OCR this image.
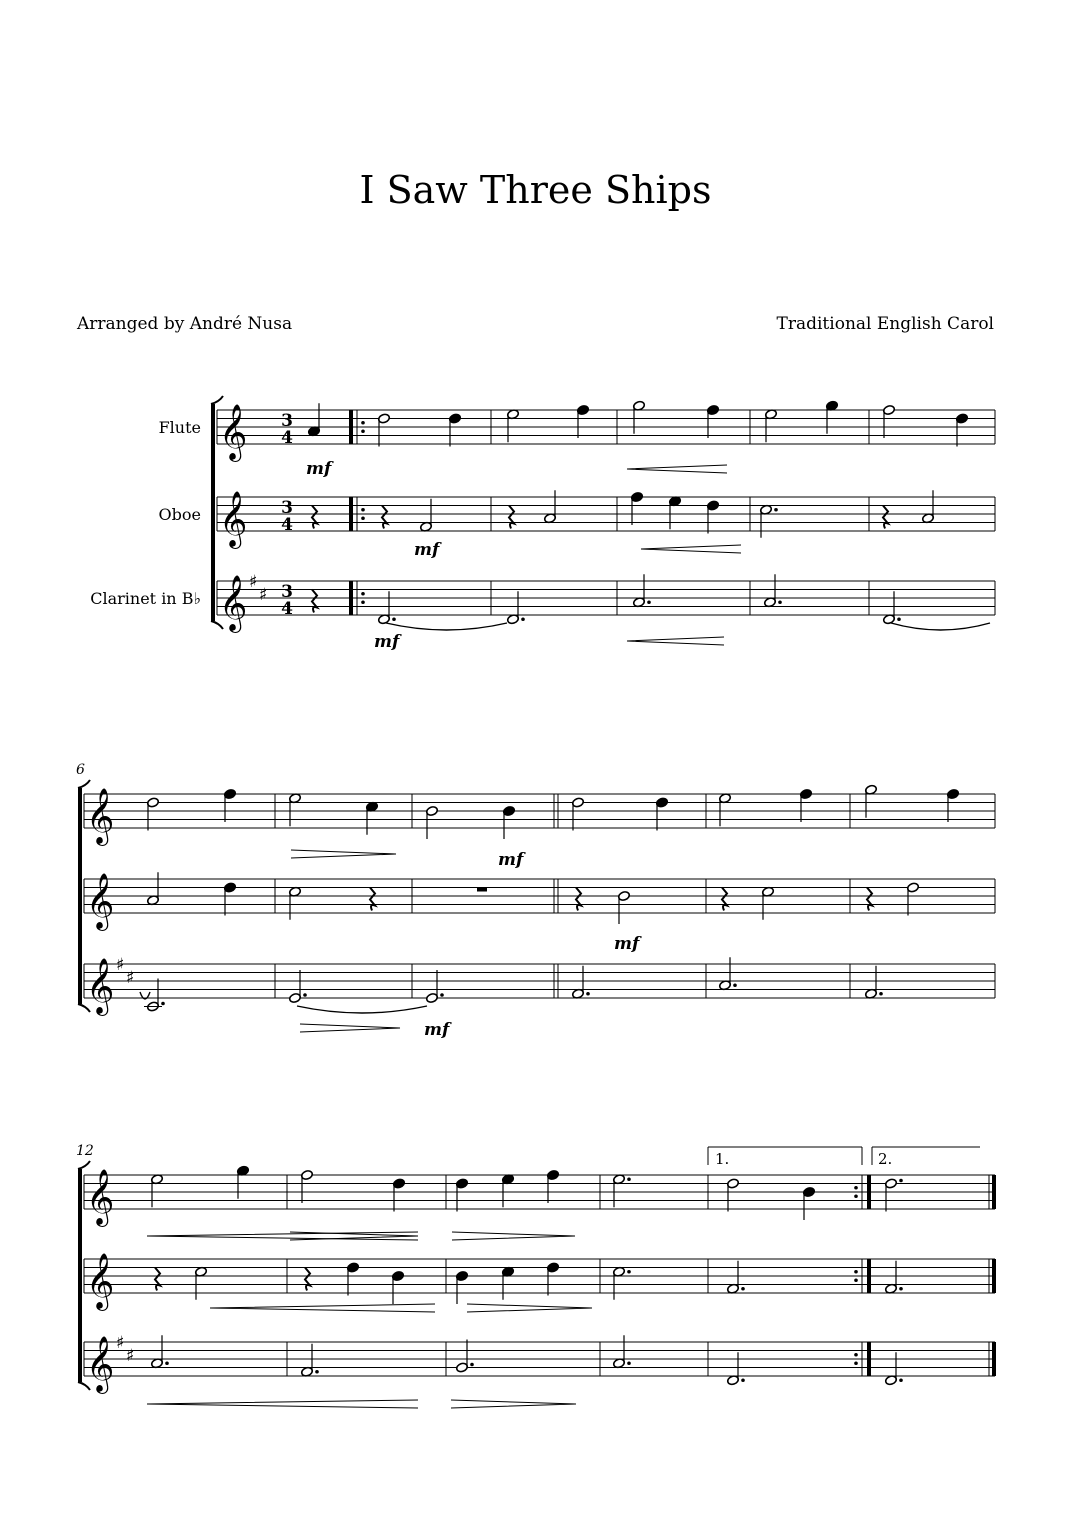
I Saw Three Ships
Arranged by André Nusa	Traditional English Carol
𝄞 3
4
Flute
𝄞 3
4
Oboe
𝄞 ♯
♯ 3
4
Clarinet in B♭
6
𝄞
𝄞
𝄞 ♯
♯
12
𝄞
𝄞
𝄞 ♯
♯
1.	2.
mf
mf
mf
mf
mf
mf
